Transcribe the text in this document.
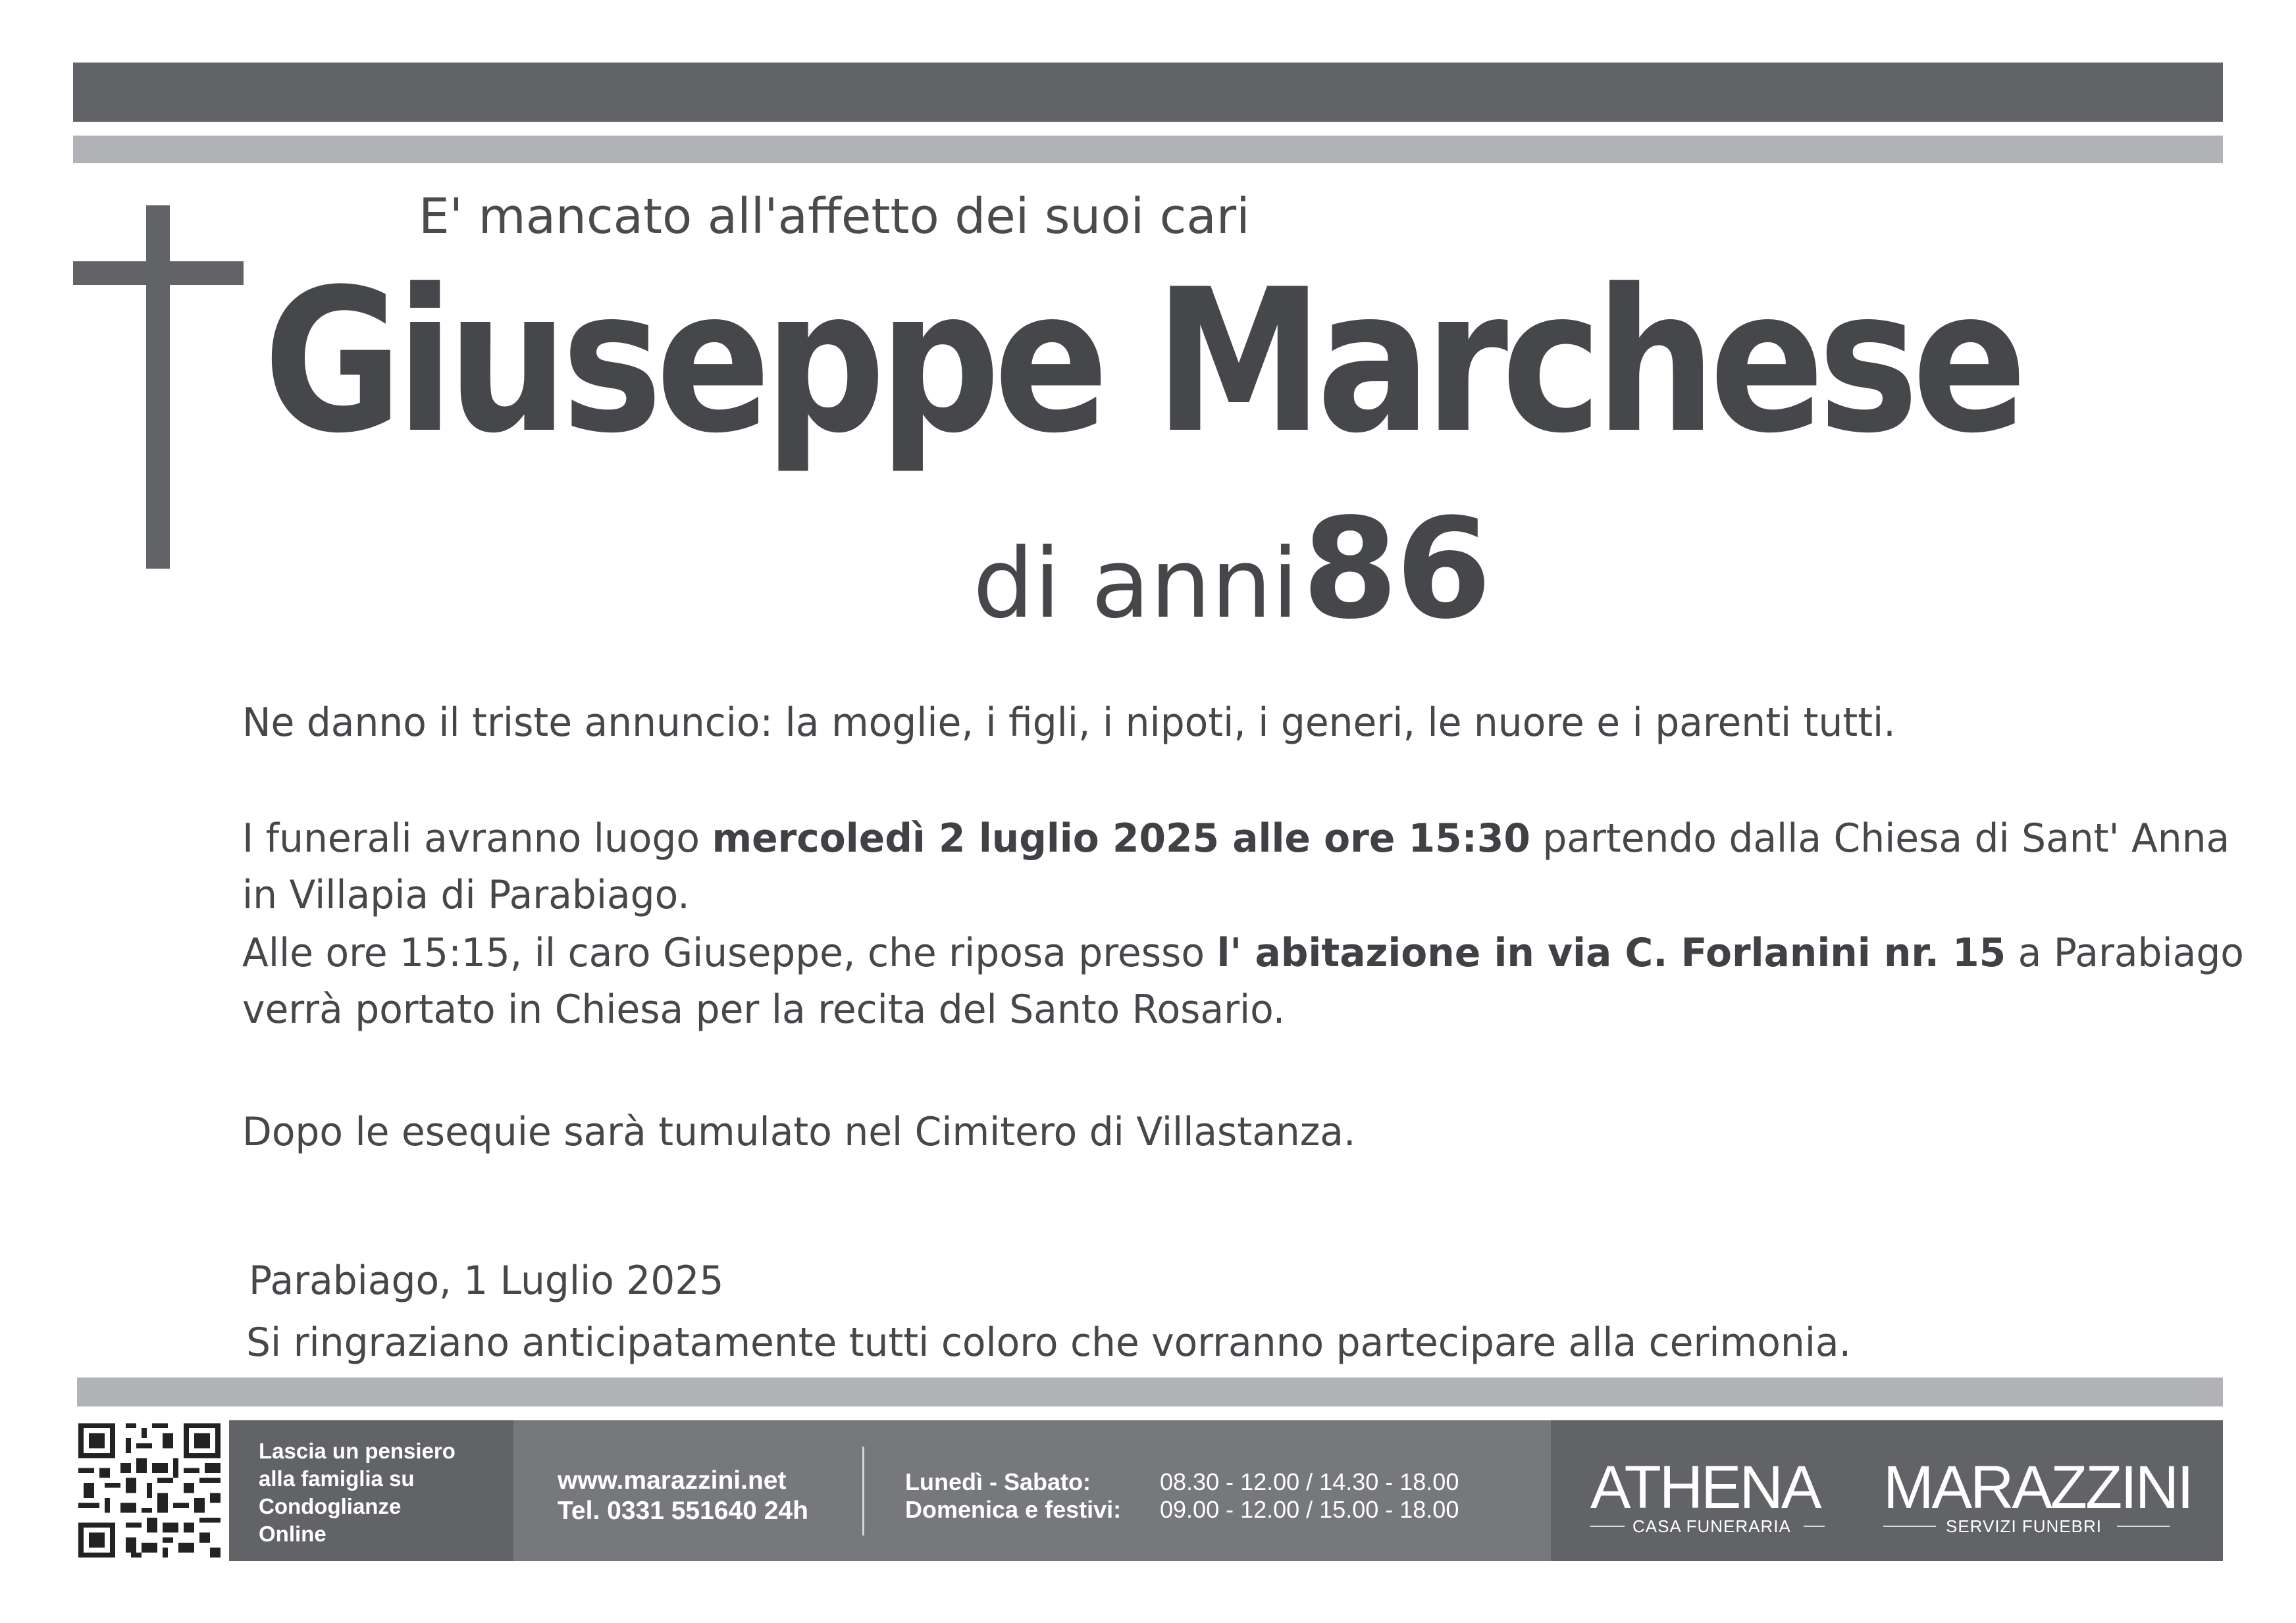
E' mancato all'affetto dei suoi cari
Giuseppe Marchese
di anni 86
Ne danno il triste annuncio: la moglie, i figli, i nipoti, i generi, le nuore e i parenti tutti.
I funerali avranno luogo mercoledì 2 luglio 2025 alle ore 15:30 partendo dalla Chiesa di Sant' Anna
in Villapia di Parabiago.
Alle ore 15:15, il caro Giuseppe, che riposa presso l' abitazione in via C. Forlanini nr. 15 a Parabiago
verrà portato in Chiesa per la recita del Santo Rosario.
Dopo le esequie sarà tumulato nel Cimitero di Villastanza.
Parabiago, 1 Luglio 2025
Si ringraziano anticipatamente tutti coloro che vorranno partecipare alla cerimonia.
Lascia un pensiero
alla famiglia su
Condoglianze
Online
www.marazzini.net
Tel. 0331 551640 24h
Lunedì - Sabato:
Domenica e festivi:
08.30 - 12.00 / 14.30 - 18.00
09.00 - 12.00 / 15.00 - 18.00 ATHENA
CASA FUNERARIA
MARAZZINI
SERVIZI FUNEBRI
